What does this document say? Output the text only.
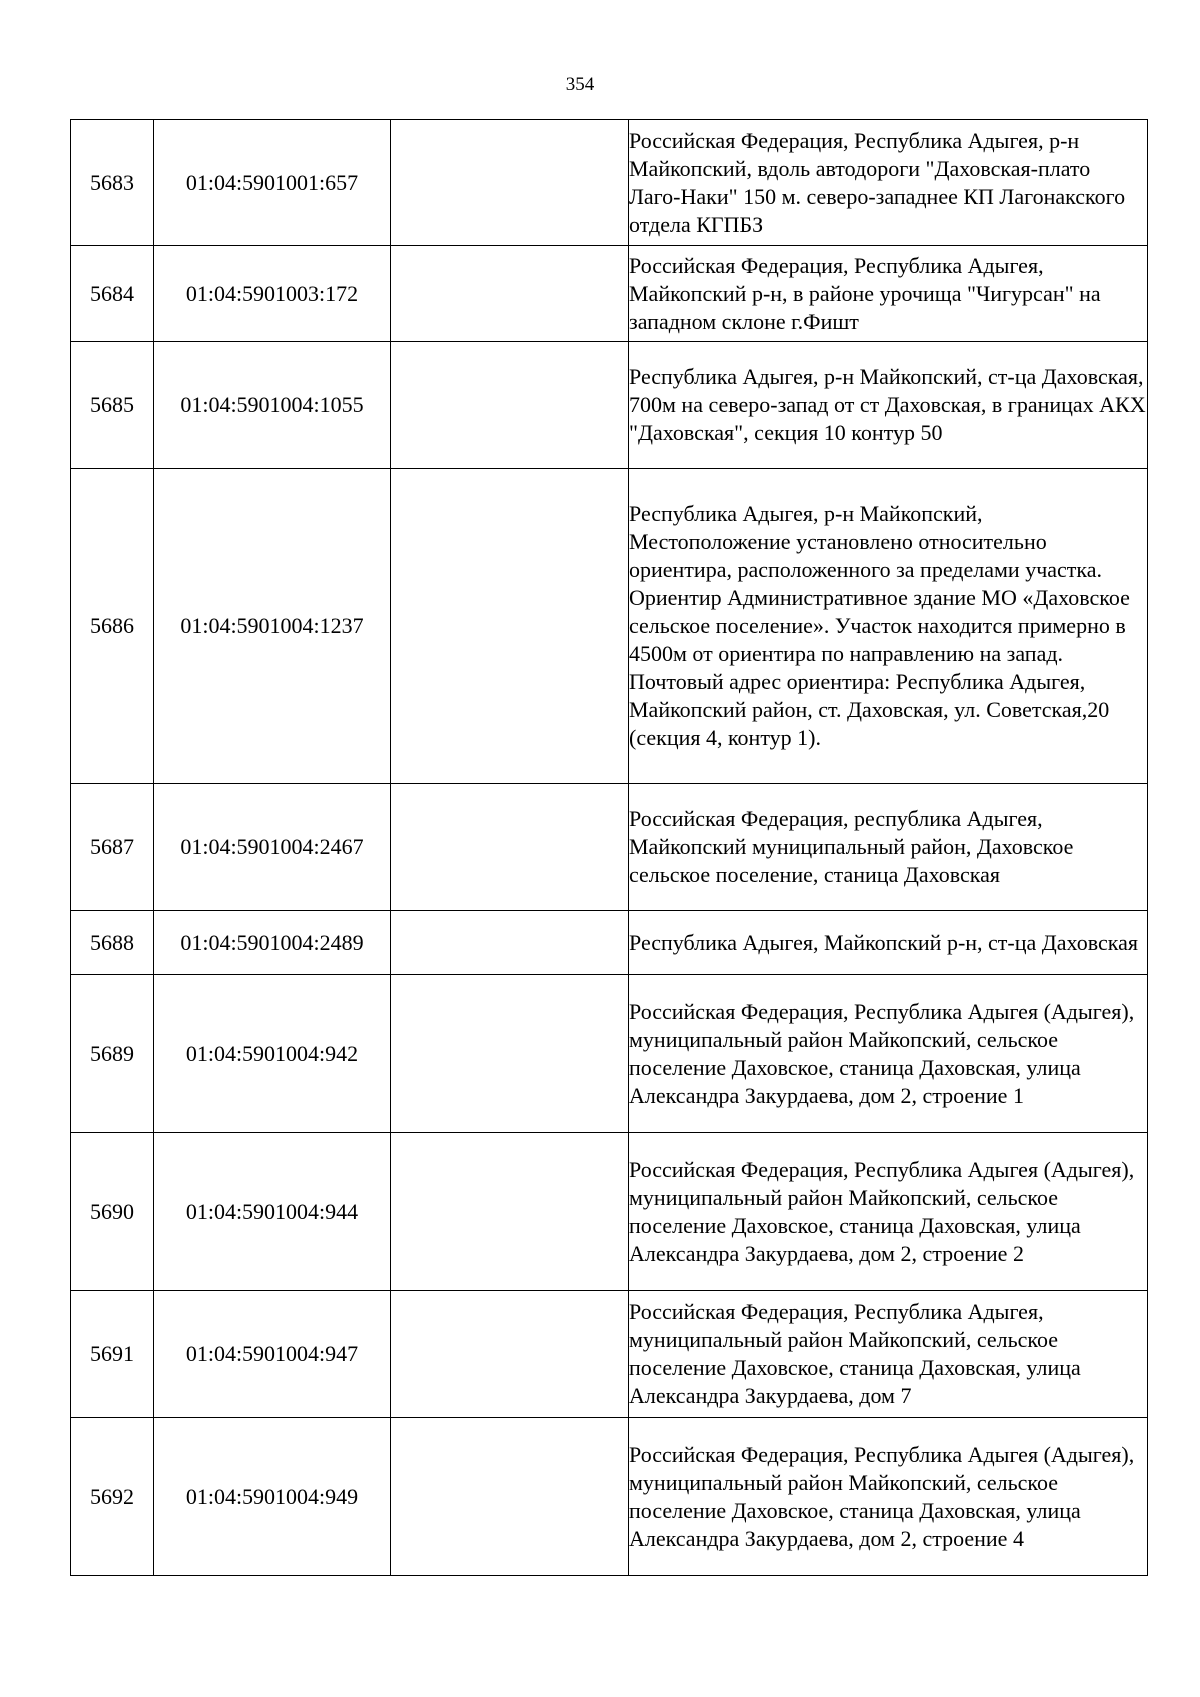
354
5683	01:04:5901001:657		Российская Федерация, Республика Адыгея, р-н Майкопский, вдоль автодороги "Даховская-плато Лаго-Наки" 150 м. северо-западнее КП Лагонакского отдела КГПБЗ

5684	01:04:5901003:172		Российская Федерация, Республика Адыгея, Майкопский р-н, в районе урочища "Чигурсан" на западном склоне г.Фишт

5685	01:04:5901004:1055		Республика Адыгея, р-н Майкопский, ст-ца Даховская, 700м на северо-запад от ст Даховская, в границах АКХ "Даховская", секция 10 контур 50

5686	01:04:5901004:1237		Республика Адыгея, р-н Майкопский, Местоположение установлено относительно ориентира, расположенного за пределами участка. Ориентир Административное здание МО «Даховское сельское поселение». Участок находится примерно в 4500м от ориентира по направлению на запад. Почтовый адрес ориентира: Республика Адыгея, Майкопский район, ст. Даховская, ул. Советская,20 (секция 4, контур 1).

5687	01:04:5901004:2467		Российская Федерация, республика Адыгея, Майкопский муниципальный район, Даховское сельское поселение, станица Даховская

5688	01:04:5901004:2489		Республика Адыгея, Майкопский р-н, ст-ца Даховская

5689	01:04:5901004:942		Российская Федерация, Республика Адыгея (Адыгея), муниципальный район Майкопский, сельское поселение Даховское, станица Даховская, улица Александра Закурдаева, дом 2, строение 1

5690	01:04:5901004:944		Российская Федерация, Республика Адыгея (Адыгея), муниципальный район Майкопский, сельское поселение Даховское, станица Даховская, улица Александра Закурдаева, дом 2, строение 2

5691	01:04:5901004:947		Российская Федерация, Республика Адыгея, муниципальный район Майкопский, сельское поселение Даховское, станица Даховская, улица Александра Закурдаева, дом 7

5692	01:04:5901004:949		Российская Федерация, Республика Адыгея (Адыгея), муниципальный район Майкопский, сельское поселение Даховское, станица Даховская, улица Александра Закурдаева, дом 2, строение 4
